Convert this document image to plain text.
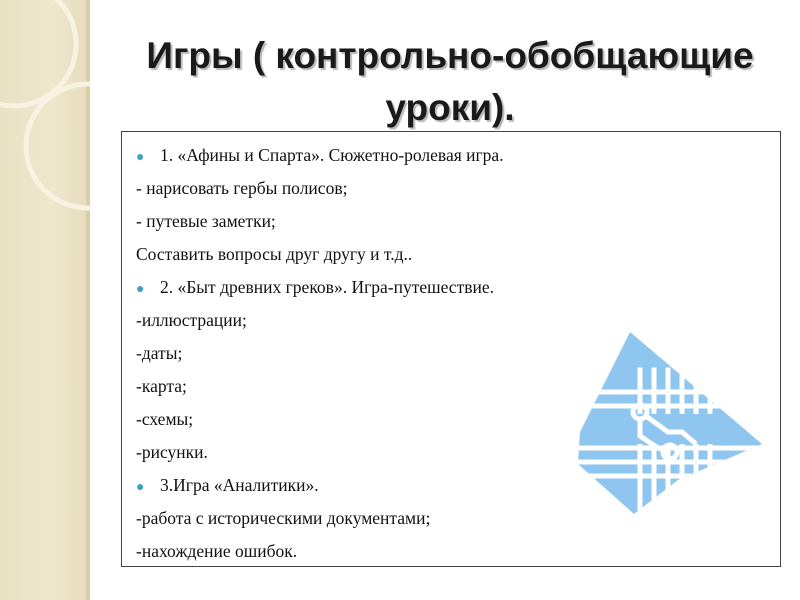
Игры ( контрольно-обобщающие
уроки).
● 1. «Афины и Спарта». Сюжетно-ролевая игра.
- нарисовать гербы полисов;
- путевые заметки;
Составить вопросы друг другу и т.д..
● 2. «Быт древних греков». Игра-путешествие.
-иллюстрации;
-даты;
-карта;
-схемы;
-рисунки.
● 3.Игра «Аналитики».
-работа с историческими документами;
-нахождение ошибок.
